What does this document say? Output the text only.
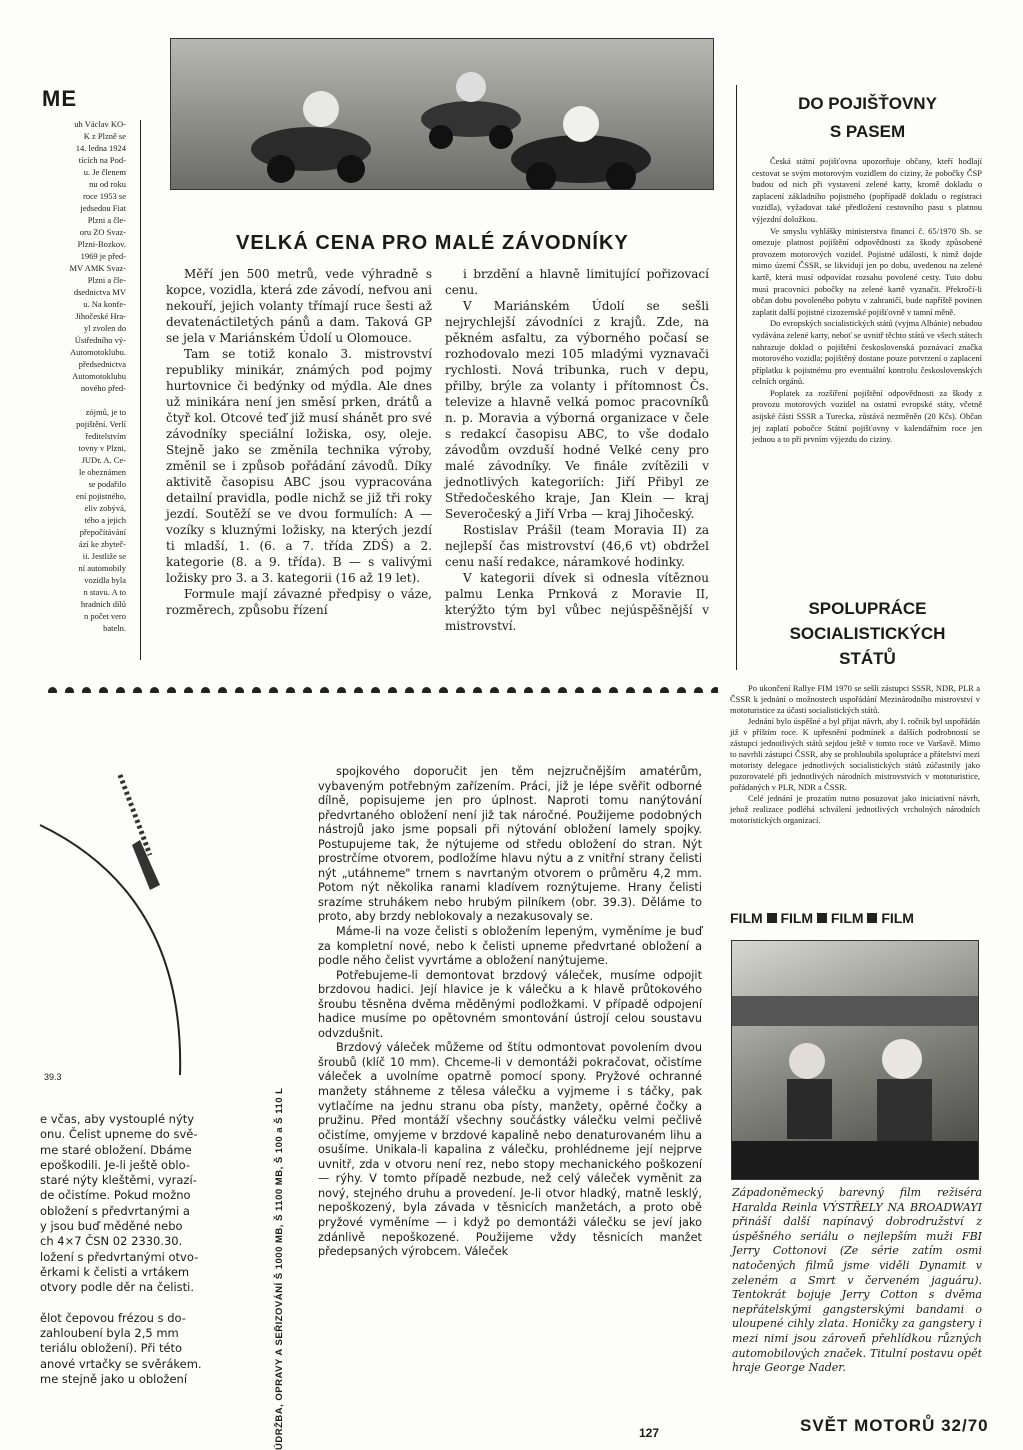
ME
uh Václav KO-
K z Plzně se
14. ledna 1924
tících na Pod-
u. Je členem
nu od roku
roce 1953 se
jedsedou Fiat
Plzni a čle-
oru ZO Svaz-
Plzni-Bozkov.
1969 je před-
MV AMK Svaz-
Plzni a čle-
dsednictva MV
u. Na konfe-
Jihočeské Hra-
yl zvolen do
Ústředního vý-
Automotoklubu.
předsednictva
Automotoklubu
nového před-

zójmů, je to
pojištění. Verlí
ředitelstvím
tovny v Plzni,
JUDr. A. Ce-
le obeznámen
se podařilo
ení pojistného,
eliv zobývá,
tého a jejich
přepočítávání
ází ke zbyteč-
ii. Jestliže se
ní automobily
vozidla byla
n stavu. A to
hradních dílů
n počet vero
bateln.
VELKÁ CENA PRO MALÉ ZÁVODNÍKY

Měří jen 500 metrů, vede výhradně s kopce, vozidla, která zde závodí, nefvou ani nekouří, jejich volanty třímají ruce šesti až devatenáctiletých pánů a dam. Taková GP se jela v Mariánském Údolí u Olomouce.

Tam se totiž konalo 3. mistrovství republiky minikár, známých pod pojmy hurtovnice či bedýnky od mýdla. Ale dnes už minikára není jen směsí prken, drátů a čtyř kol. Otcové teď již musí shánět pro své závodníky speciální ložiska, osy, oleje. Stejně jako se změnila technika výroby, změnil se i způsob pořádání závodů. Díky aktivitě časopisu ABC jsou vypracována detailní pravidla, podle nichž se již tři roky jezdí. Soutěží se ve dvou formulích: A — vozíky s kluznými ložisky, na kterých jezdí ti mladší, 1. (6. a 7. třída ZDŠ) a 2. kategorie (8. a 9. třída). B — s valivými ložisky pro 3. a 3. kategorii (16 až 19 let).

Formule mají závazné předpisy o váze, rozměrech, způsobu řízení

i brzdění a hlavně limitující pořizovací cenu.

V Mariánském Údolí se sešli nejrychlejší závodníci z krajů. Zde, na pěkném asfaltu, za výborného počasí se rozhodovalo mezi 105 mladými vyznavači rychlosti. Nová tribunka, ruch v depu, přilby, brýle za volanty i přítomnost Čs. televize a hlavně velká pomoc pracovníků n. p. Moravia a výborná organizace v čele s redakcí časopisu ABC, to vše dodalo závodům ovzduší hodné Velké ceny pro malé závodníky. Ve finále zvítězili v jednotlivých kategoriích: Jiří Přibyl ze Středočeského kraje, Jan Klein — kraj Severočeský a Jiří Vrba — kraj Jihočeský.

Rostislav Prášil (team Moravia II) za nejlepší čas mistrovství (46,6 vt) obdržel cenu naší redakce, náramkové hodinky.

V kategorii dívek si odnesla vítěznou palmu Lenka Prnková z Moravie II, kterýžto tým byl vůbec nejúspěšnější v mistrovství.

DO POJIŠŤOVNY
S PASEM

Česká státní pojišťovna upozorňuje občany, kteří hodlají cestovat se svým motorovým vozidlem do ciziny, že pobočky ČSP budou od nich při vystavení zelené karty, kromě dokladu o zaplacení základního pojistného (popřípadě dokladu o registraci vozidla), vyžadovat také předložení cestovního pasu s platnou výjezdní doložkou.

Ve smyslu vyhlášky ministerstva financí č. 65/1970 Sb. se omezuje platnost pojištění odpovědnosti za škody způsobené provozem motorových vozidel. Pojistné události, k nimž dojde mimo území ČSSR, se likvidují jen po dobu, uvedenou na zelené kartě, která musí odpovídat rozsahu povolené cesty. Tuto dobu musí pracovníci pobočky na zelené kartě vyznačit. Překročí-li občan dobu povoleného pobytu v zahraničí, bude napříště povinen zaplatit další pojistné cizozemské pojišťovně v tamní měně.

Do evropských socialistických států (vyjma Albánie) nebudou vydávána zelené karty, neboť se uvnitř těchto států ve všech státech nahrazuje doklad o pojištění československá poznávací značka motorového vozidla; pojištěný dostane pouze potvrzení o zaplacení příplatku k pojistnému pro eventuální kontrolu československých celních orgánů.

Poplatek za rozšíření pojištění odpovědnosti za škody z provozu motorových vozidel na ostatní evropské státy, včetně asijské části SSSR a Turecka, zůstává nezměněn (20 Kčs). Občan jej zaplatí pobočce Státní pojišťovny v kalendářním roce jen jednou a to při prvním výjezdu do ciziny.

SPOLUPRÁCE
SOCIALISTICKÝCH
STÁTŮ

Po ukončení Rallye FIM 1970 se sešli zástupci SSSR, NDR, PLR a ČSSR k jednání o možnostech uspořádání Mezinárodního mistrovství v mototuristice za účasti socialistických států.

Jednání bylo úspěšné a byl přijat návrh, aby I. ročník byl uspořádán již v příštím roce. K upřesnění podmínek a dalších podrobností se zástupci jednotlivých států sejdou ještě v tomto roce ve Varšavě. Mimo to navrhli zástupci ČSSR, aby se prohloubila spolupráce a přátelství mezi motoristy delegace jednotlivých socialistických států zúčastnily jako pozorovatelé při jednotlivých národních mistrovstvích v mototuristice, pořádaných v PLR, NDR a ČSSR.

Celé jednání je prozatím nutno posuzovat jako iniciativní návrh, jehož realizace podléhá schválení jednotlivých vrcholných národních motoristických organizací.

FILM FILM FILM FILM
Západoněmecký barevný film režiséra Haralda Reinla VÝSTŘELY NA BROADWAYI přináší další napínavý dobrodružství z úspěšného seriálu o nejlepším muži FBI Jerry Cottonovi (Ze série zatím osmi natočených filmů jsme viděli Dynamit v zeleném a Smrt v červeném jaguáru). Tentokrát bojuje Jerry Cotton s dvěma nepřátelskými gangsterskými bandami o uloupené cihly zlata. Honičky za gangstery i mezi nimi jsou zároveň přehlídkou různých automobilových značek. Titulní postavu opět hraje George Nader.
39.3
e včas, aby vystouplé nýty
onu. Čelist upneme do svě-
me staré obložení. Dbáme
epoškodili. Je-li ještě oblo-
staré nýty kleštěmi, vyrazí-
de očistíme. Pokud možno
obložení s předvrtanými a
y jsou buď měděné nebo
ch 4×7 ČSN 02 2330.30.
ložení s předvrtanými otvo-
ěrkami k čelisti a vrtákem
otvory podle děr na čelisti.

ělot čepovou frézou s do-
zahloubení byla 2,5 mm
teriálu obložení). Při této
anové vrtačky se svěrákem.
me stejně jako u obložení	ÚDRŽBA, OPRAVY A SEŘIZOVÁNÍ Š 1000 MB, Š 1100 MB, Š 100 a Š 110 L

spojkového doporučit jen těm nejzručnějším amatérům, vybaveným potřebným zařízením. Práci, již je lépe svěřit odborné dílně, popisujeme jen pro úplnost. Naproti tomu nanýtování předvrtaného obložení není již tak náročné. Použijeme podobných nástrojů jako jsme popsali při nýtování obložení lamely spojky. Postupujeme tak, že nýtujeme od středu obložení do stran. Nýt prostrčíme otvorem, podložíme hlavu nýtu a z vnitřní strany čelisti nýt „utáhneme" trnem s navrtaným otvorem o průměru 4,2 mm. Potom nýt několika ranami kladívem roznýtujeme. Hrany čelisti srazíme struhákem nebo hrubým pilníkem (obr. 39.3). Děláme to proto, aby brzdy neblokovaly a nezakusovaly se.

Máme-li na voze čelisti s obložením lepeným, vyměníme je buď za kompletní nové, nebo k čelisti upneme předvrtané obložení a podle něho čelist vyvrtáme a obložení nanýtujeme.

Potřebujeme-li demontovat brzdový váleček, musíme odpojit brzdovou hadici. Její hlavice je k válečku a k hlavě průtokového šroubu těsněna dvěma měděnými podložkami. V případě odpojení hadice musíme po opětovném smontování ústrojí celou soustavu odvzdušnit.

Brzdový váleček můžeme od štítu odmontovat povolením dvou šroubů (klíč 10 mm). Chceme-li v demontáži pokračovat, očistíme váleček a uvolníme opatrně pomocí spony. Pryžové ochranné manžety stáhneme z tělesa válečku a vyjmeme i s táčky, pak vytlačíme na jednu stranu oba písty, manžety, opěrné čočky a pružinu. Před montáží všechny součástky válečku velmi pečlivě očistíme, omyjeme v brzdové kapalině nebo denaturovaném lihu a osušíme. Unikala-li kapalina z válečku, prohlédneme její nejprve uvnitř, zda v otvoru není rez, nebo stopy mechanického poškození — rýhy. V tomto případě nezbude, než celý váleček vyměnit za nový, stejného druhu a provedení. Je-li otvor hladký, matně lesklý, nepoškozený, byla závada v těsnicích manžetách, a proto obě pryžové vyměníme — i když po demontáži válečku se jeví jako zdánlivě nepoškozené. Použijeme vždy těsnicích manžet předepsaných výrobcem. Váleček

127	SVĚT MOTORŮ 32/70
